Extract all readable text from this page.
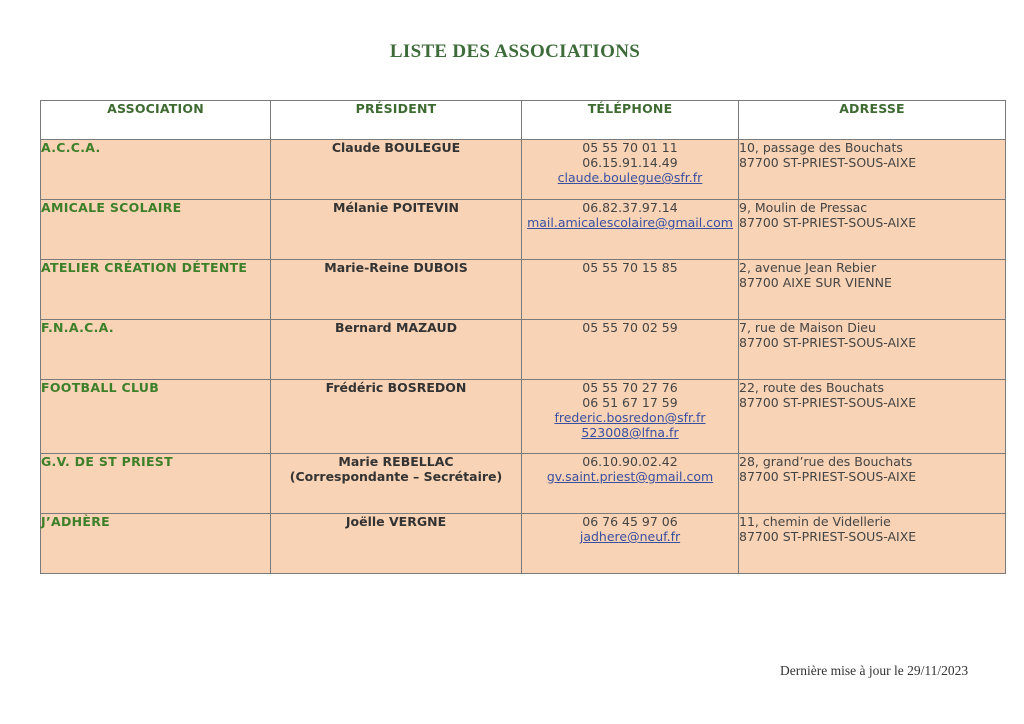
LISTE DES ASSOCIATIONS
ASSOCIATION	PRÉSIDENT	TÉLÉPHONE	ADRESSE
A.C.C.A.	Claude BOULEGUE	05 55 70 01 11
06.15.91.14.49
claude.boulegue@sfr.fr	10, passage des Bouchats
87700 ST-PRIEST-SOUS-AIXE

AMICALE SCOLAIRE	Mélanie POITEVIN	06.82.37.97.14
mail.amicalescolaire@gmail.com	9, Moulin de Pressac
87700 ST-PRIEST-SOUS-AIXE

ATELIER CRÉATION DÉTENTE	Marie-Reine DUBOIS	05 55 70 15 85	2, avenue Jean Rebier
87700 AIXE SUR VIENNE

F.N.A.C.A.	Bernard MAZAUD	05 55 70 02 59	7, rue de Maison Dieu
87700 ST-PRIEST-SOUS-AIXE

FOOTBALL CLUB	Frédéric BOSREDON	05 55 70 27 76
06 51 67 17 59
frederic.bosredon@sfr.fr
523008@lfna.fr	22, route des Bouchats
87700 ST-PRIEST-SOUS-AIXE

G.V. DE ST PRIEST	Marie REBELLAC
(Correspondante – Secrétaire)	06.10.90.02.42
gv.saint.priest@gmail.com	28, grand’rue des Bouchats
87700 ST-PRIEST-SOUS-AIXE

J’ADHÈRE	Joëlle VERGNE	06 76 45 97 06
jadhere@neuf.fr	11, chemin de Videllerie
87700 ST-PRIEST-SOUS-AIXE
Dernière mise à jour le 29/11/2023
